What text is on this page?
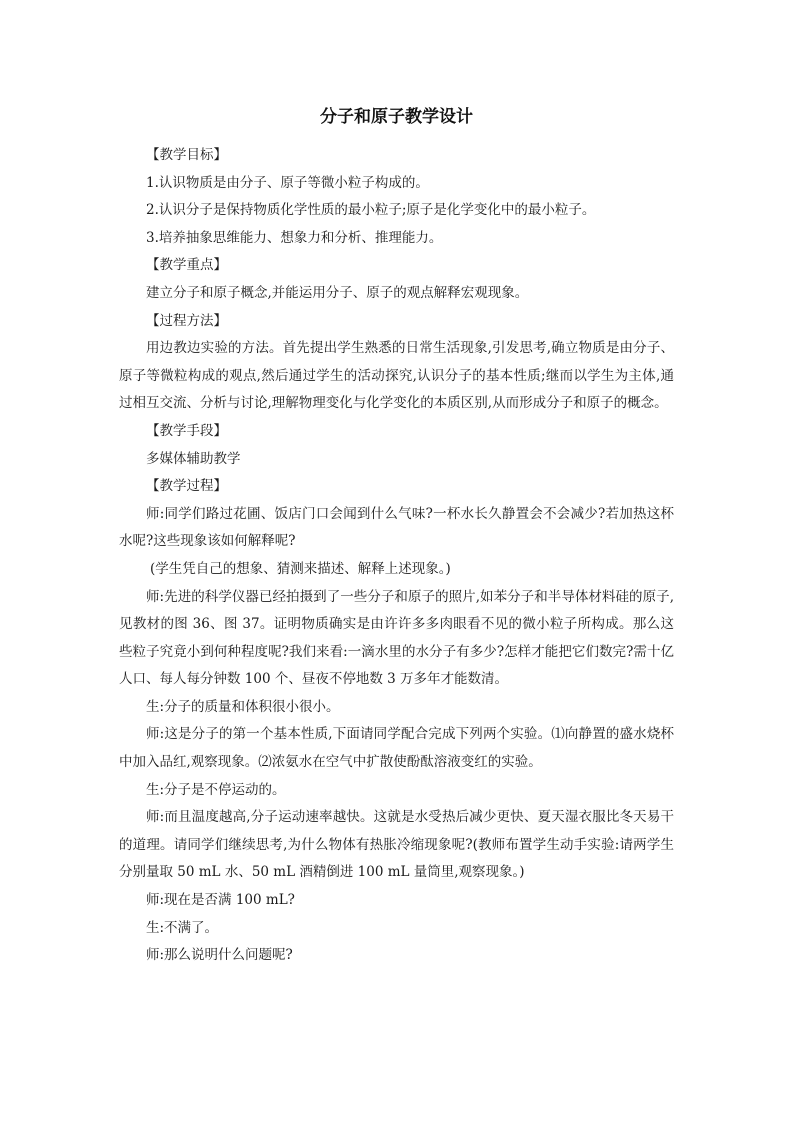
分子和原子教学设计

【教学目标】

1.认识物质是由分子、原子等微小粒子构成的。

2.认识分子是保持物质化学性质的最小粒子;原子是化学变化中的最小粒子。

3.培养抽象思维能力、想象力和分析、推理能力。

【教学重点】

建立分子和原子概念,并能运用分子、原子的观点解释宏观现象。

【过程方法】

用边教边实验的方法。首先提出学生熟悉的日常生活现象,引发思考,确立物质是由分子、原子等微粒构成的观点,然后通过学生的活动探究,认识分子的基本性质;继而以学生为主体,通过相互交流、分析与讨论,理解物理变化与化学变化的本质区别,从而形成分子和原子的概念。

【教学手段】

多媒体辅助教学

【教学过程】

师:同学们路过花圃、饭店门口会闻到什么气味?一杯水长久静置会不会减少?若加热这杯水呢?这些现象该如何解释呢?

(学生凭自己的想象、猜测来描述、解释上述现象。)

师:先进的科学仪器已经拍摄到了一些分子和原子的照片,如苯分子和半导体材料硅的原子,见教材的图 36、图 37。证明物质确实是由许许多多肉眼看不见的微小粒子所构成。那么这些粒子究竟小到何种程度呢?我们来看:一滴水里的水分子有多少?怎样才能把它们数完?需十亿人口、每人每分钟数 100 个、昼夜不停地数 3 万多年才能数清。

生:分子的质量和体积很小很小。

师:这是分子的第一个基本性质,下面请同学配合完成下列两个实验。⑴向静置的盛水烧杯中加入品红,观察现象。⑵浓氨水在空气中扩散使酚酞溶液变红的实验。

生:分子是不停运动的。

师:而且温度越高,分子运动速率越快。这就是水受热后减少更快、夏天湿衣服比冬天易干的道理。请同学们继续思考,为什么物体有热胀冷缩现象呢?(教师布置学生动手实验:请两学生分别量取 50 mL 水、50 mL 酒精倒进 100 mL 量筒里,观察现象。)

师:现在是否满 100 mL?

生:不满了。

师:那么说明什么问题呢?
